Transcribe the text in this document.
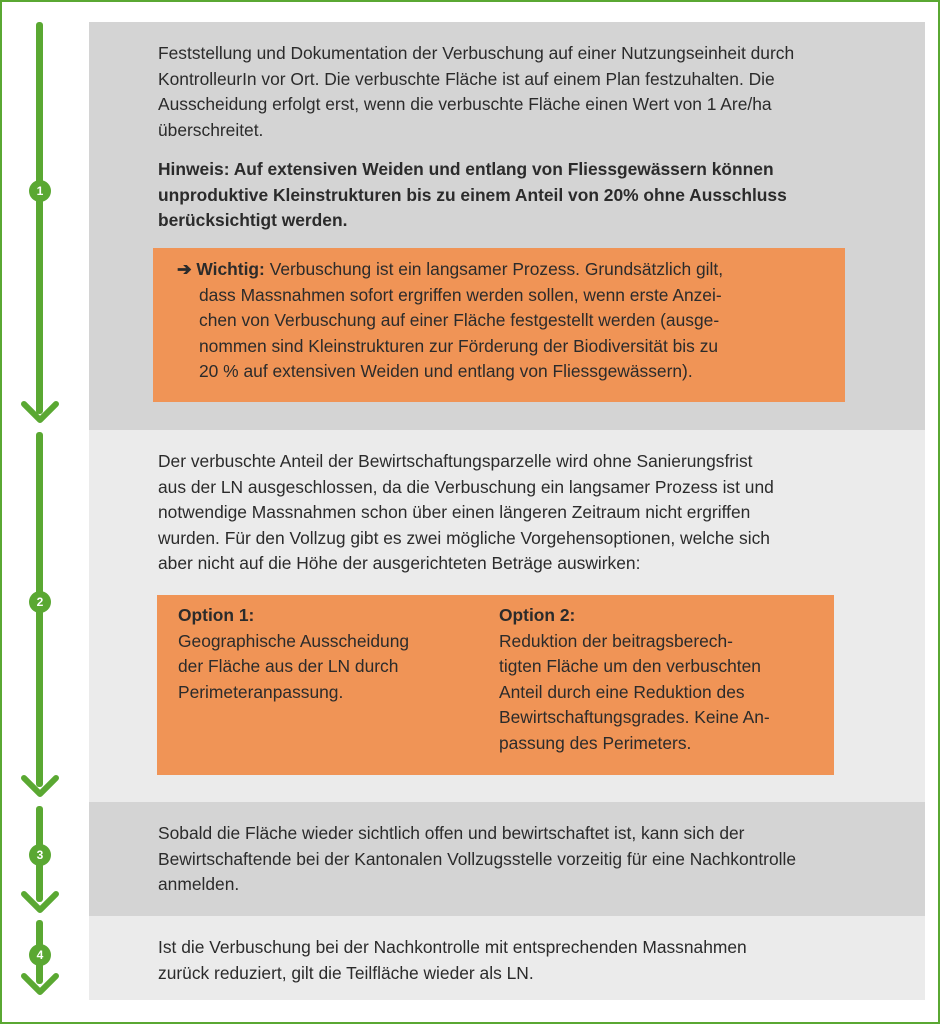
1
2
3
4
Feststellung und Dokumentation der Verbuschung auf einer Nutzungseinheit durch
KontrolleurIn vor Ort. Die verbuschte Fläche ist auf einem Plan festzuhalten. Die
Ausscheidung erfolgt erst, wenn die verbuschte Fläche einen Wert von 1 Are/ha
überschreitet.
Hinweis: Auf extensiven Weiden und entlang von Fliessgewässern können
unproduktive Kleinstrukturen bis zu einem Anteil von 20% ohne Ausschluss
berücksichtigt werden.
➔ Wichtig: Verbuschung ist ein langsamer Prozess. Grundsätzlich gilt,
dass Massnahmen sofort ergriffen werden sollen, wenn erste Anzei-
chen von Verbuschung auf einer Fläche festgestellt werden (ausge-
nommen sind Kleinstrukturen zur Förderung der Biodiversität bis zu
20 % auf extensiven Weiden und entlang von Fliessgewässern).
Der verbuschte Anteil der Bewirtschaftungsparzelle wird ohne Sanierungsfrist
aus der LN ausgeschlossen, da die Verbuschung ein langsamer Prozess ist und
notwendige Massnahmen schon über einen längeren Zeitraum nicht ergriffen
wurden. Für den Vollzug gibt es zwei mögliche Vorgehensoptionen, welche sich
aber nicht auf die Höhe der ausgerichteten Beträge auswirken:
Option 1:
Geographische Ausscheidung
der Fläche aus der LN durch
Perimeteranpassung.
Option 2:
Reduktion der beitragsberech-
tigten Fläche um den verbuschten
Anteil durch eine Reduktion des
Bewirtschaftungsgrades. Keine An-
passung des Perimeters.
Sobald die Fläche wieder sichtlich offen und bewirtschaftet ist, kann sich der
Bewirtschaftende bei der Kantonalen Vollzugsstelle vorzeitig für eine Nachkontrolle
anmelden.
Ist die Verbuschung bei der Nachkontrolle mit entsprechenden Massnahmen
zurück reduziert, gilt die Teilfläche wieder als LN.
